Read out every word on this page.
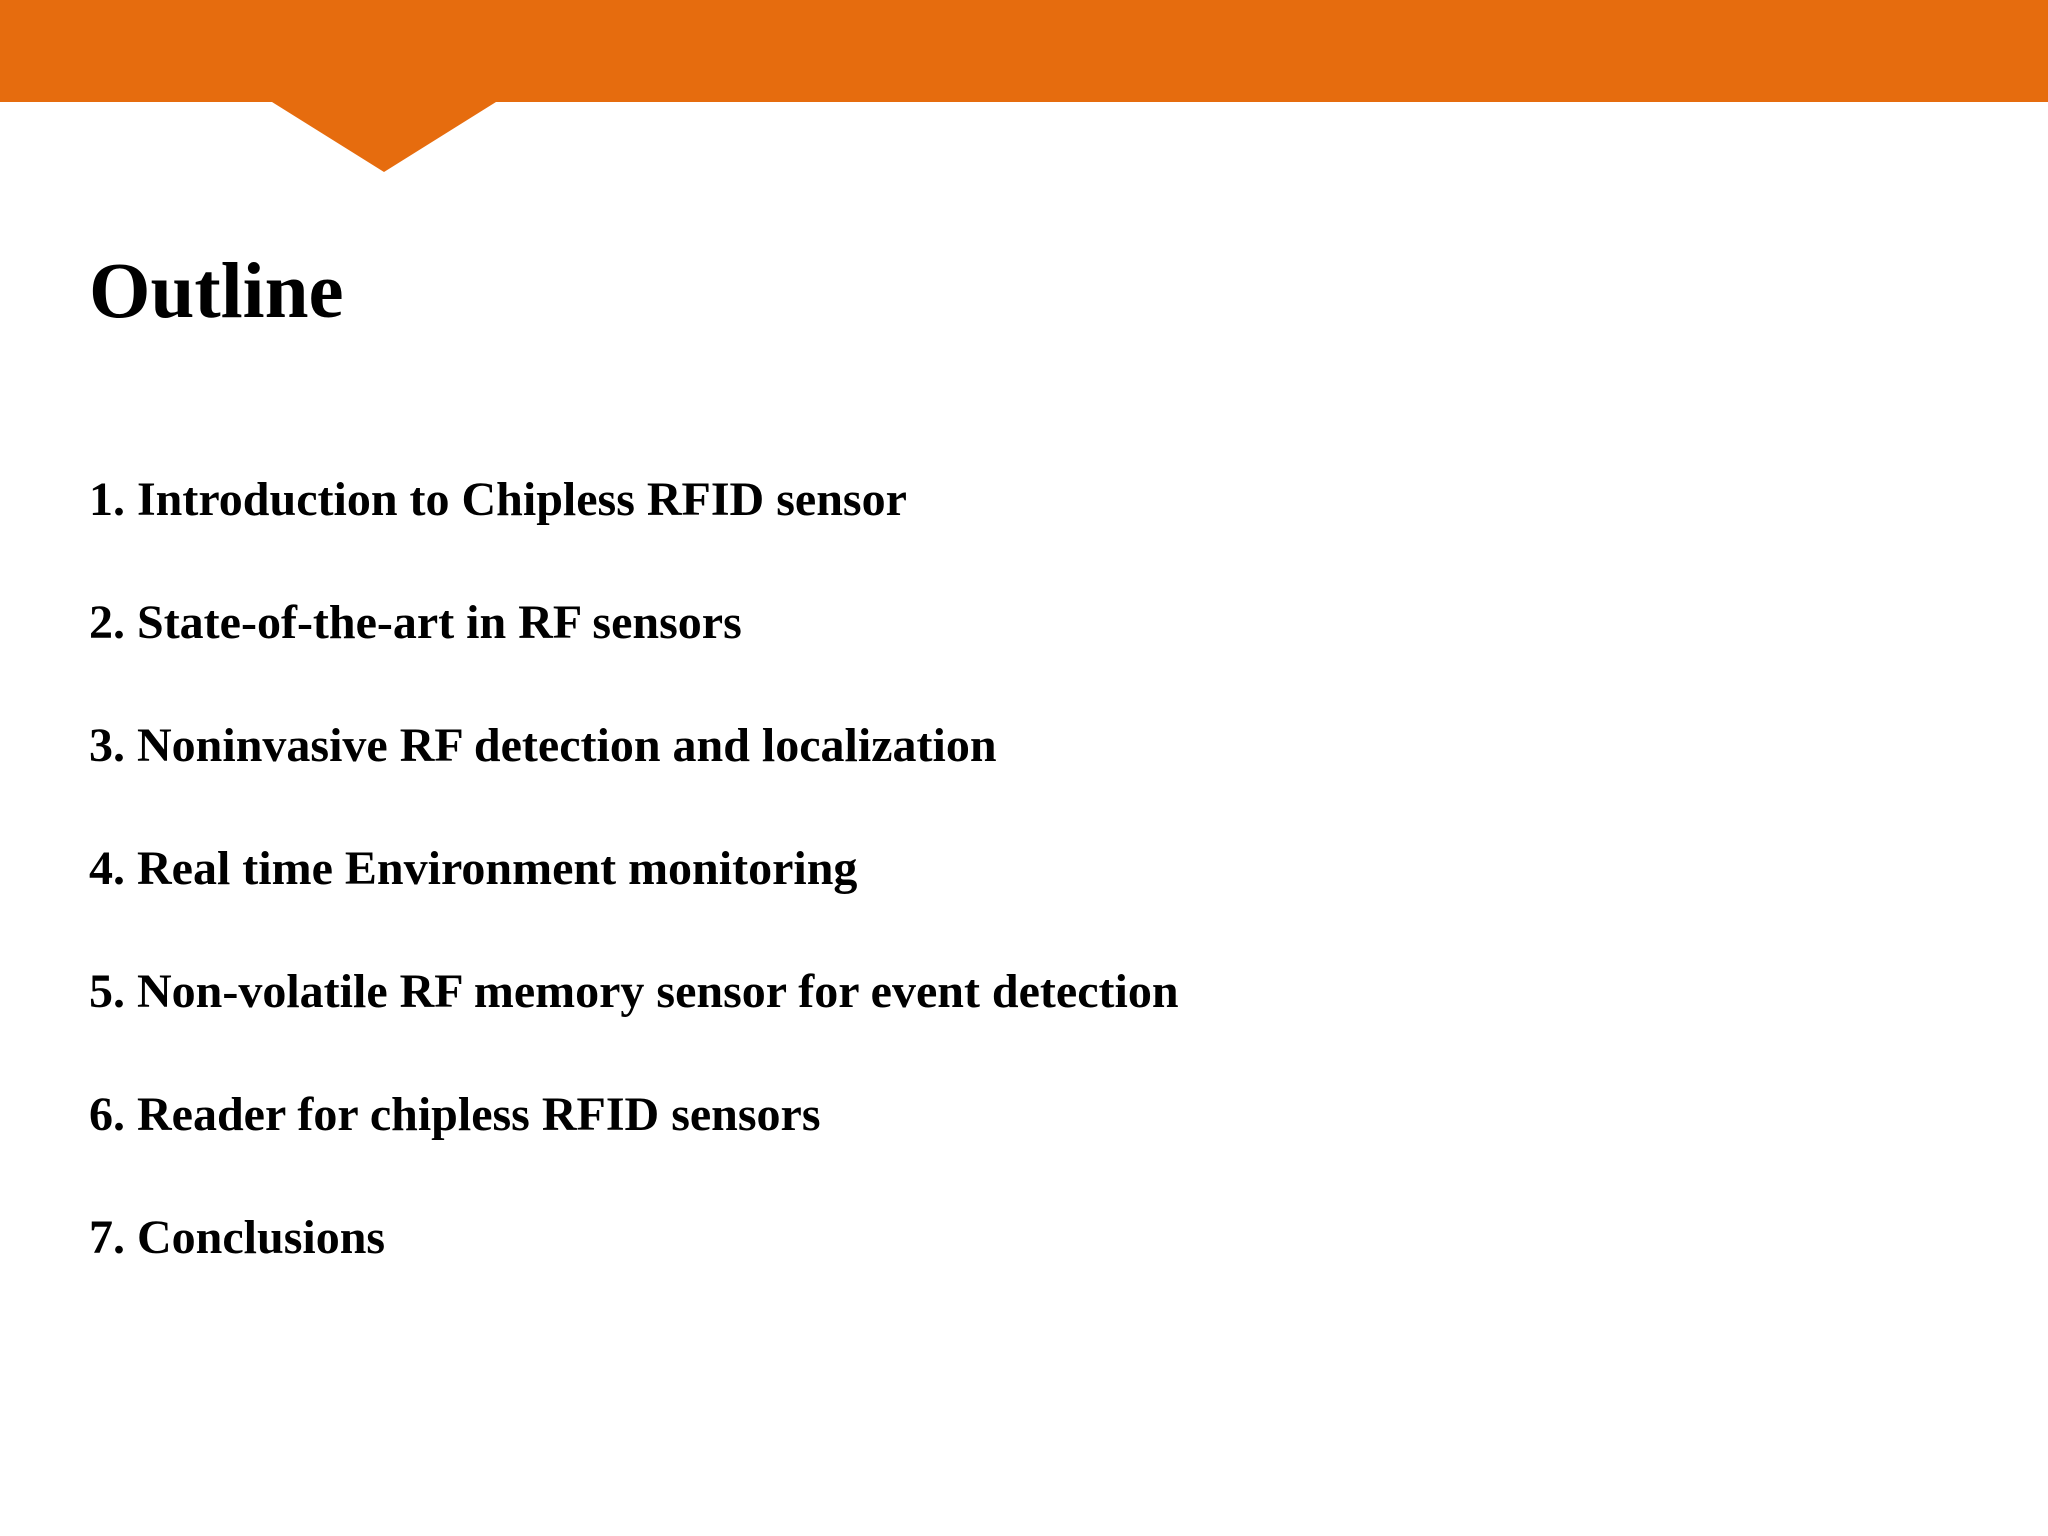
Outline
1. Introduction to Chipless RFID sensor
2. State-of-the-art in RF sensors
3. Noninvasive RF detection and localization
4. Real time Environment monitoring
5. Non-volatile RF memory sensor for event detection
6. Reader for chipless RFID sensors
7. Conclusions
